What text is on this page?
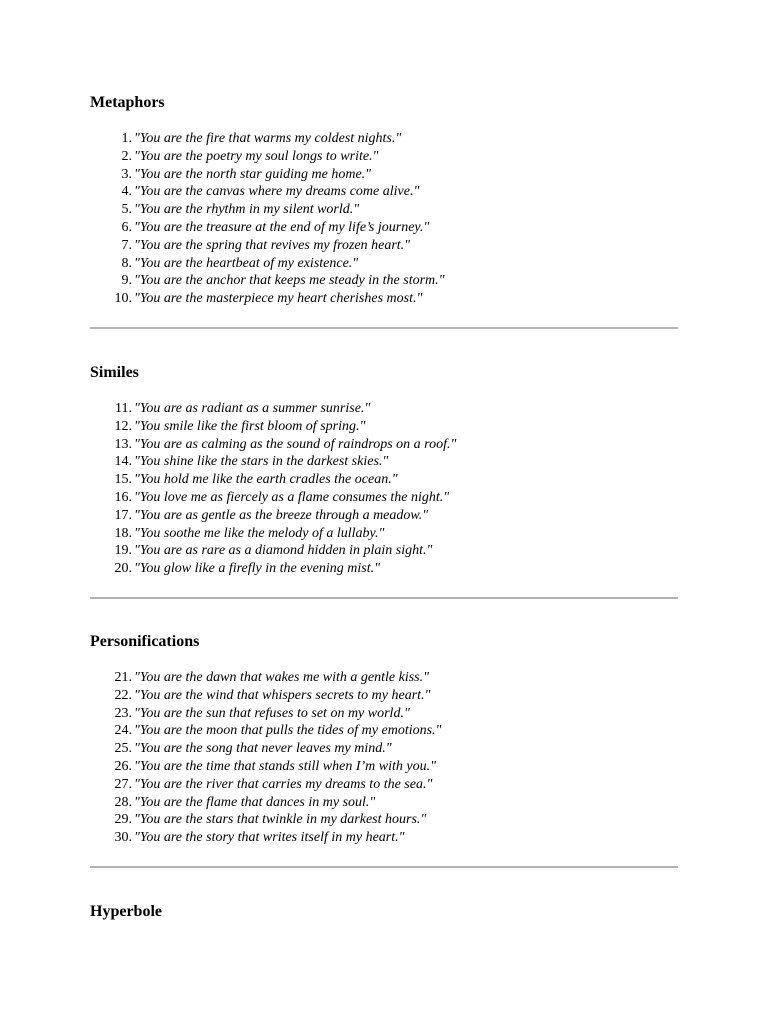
Metaphors
1. "You are the fire that warms my coldest nights."
2. "You are the poetry my soul longs to write."
3. "You are the north star guiding me home."
4. "You are the canvas where my dreams come alive."
5. "You are the rhythm in my silent world."
6. "You are the treasure at the end of my life’s journey."
7. "You are the spring that revives my frozen heart."
8. "You are the heartbeat of my existence."
9. "You are the anchor that keeps me steady in the storm."
10. "You are the masterpiece my heart cherishes most."
Similes
11. "You are as radiant as a summer sunrise."
12. "You smile like the first bloom of spring."
13. "You are as calming as the sound of raindrops on a roof."
14. "You shine like the stars in the darkest skies."
15. "You hold me like the earth cradles the ocean."
16. "You love me as fiercely as a flame consumes the night."
17. "You are as gentle as the breeze through a meadow."
18. "You soothe me like the melody of a lullaby."
19. "You are as rare as a diamond hidden in plain sight."
20. "You glow like a firefly in the evening mist."
Personifications
21. "You are the dawn that wakes me with a gentle kiss."
22. "You are the wind that whispers secrets to my heart."
23. "You are the sun that refuses to set on my world."
24. "You are the moon that pulls the tides of my emotions."
25. "You are the song that never leaves my mind."
26. "You are the time that stands still when I’m with you."
27. "You are the river that carries my dreams to the sea."
28. "You are the flame that dances in my soul."
29. "You are the stars that twinkle in my darkest hours."
30. "You are the story that writes itself in my heart."
Hyperbole
